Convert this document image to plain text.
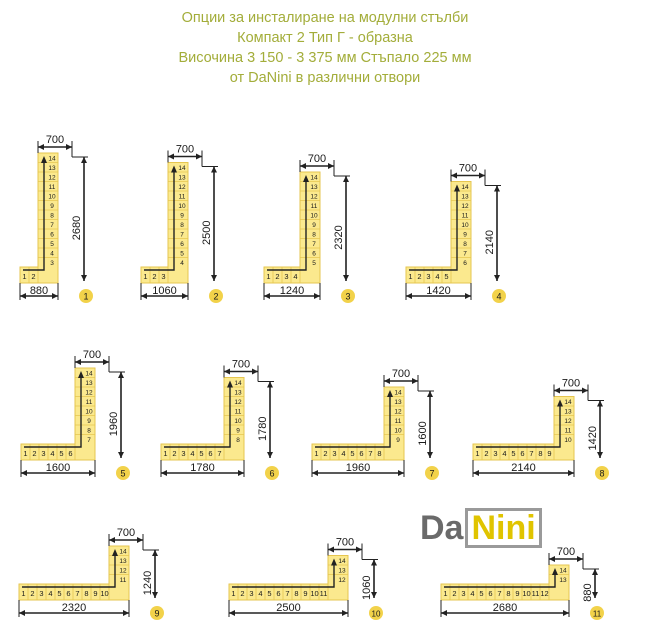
Опции за инсталиране на модулни стълби
Компакт 2 Тип Г - образна
Височина 3 150 - 3 375 мм Стъпало 225 мм
от DaNini в различни отвори
1 2
14
13
12
11
10
9
8
7
6
5
4
3
700
2680
880	1
1 2 3
14
13
12
11
10
9
8
7
6
5
4
700
2500
1060	2
1 2 3 4
14
13
12
11
10
9
8
7
6
5
700
2320
1240	3
1 2 3 4 5
14
13
12
11
10
9
8
7
6
700
2140
1420	4
1 2 3 4 5 6
14
13
12
11
10
9
8
7
700
1960
1600	5
1 2 3 4 5 6 7
14
13
12
11
10
9
8
700
1780
1780	6
1 2 3 4 5 6 7 8
14
13
12
11
10
9
700
1600
1960	7
1 2 3 4 5 6 7 8 9
14
13
12
11
10
700
1420
2140	8
1 2 3 4 5 6 7 8 9 10
14
13
12
11
700
1240
2320	9
1 2 3 4 5 6 7 8 9 10 11
14
13
12
700
1060
2500	10
1 2 3 4 5 6 7 8 9 10 11 12
14
13
700
880
2680	11
Da Nini
